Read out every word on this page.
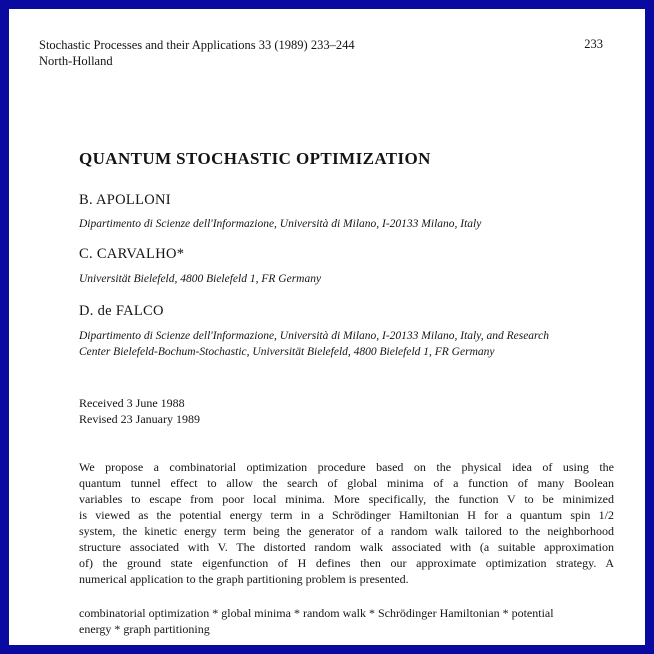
Stochastic Processes and their Applications 33 (1989) 233–244
North-Holland
233
QUANTUM STOCHASTIC OPTIMIZATION
B. APOLLONI
Dipartimento di Scienze dell'Informazione, Università di Milano, I-20133 Milano, Italy
C. CARVALHO*
Universität Bielefeld, 4800 Bielefeld 1, FR Germany
D. de FALCO
Dipartimento di Scienze dell'Informazione, Università di Milano, I-20133 Milano, Italy, and Research
Center Bielefeld-Bochum-Stochastic, Universität Bielefeld, 4800 Bielefeld 1, FR Germany
Received 3 June 1988
Revised 23 January 1989
We propose a combinatorial optimization procedure based on the physical idea of using the
quantum tunnel effect to allow the search of global minima of a function of many Boolean
variables to escape from poor local minima. More specifically, the function V to be minimized
is viewed as the potential energy term in a Schrödinger Hamiltonian H for a quantum spin 1/2
system, the kinetic energy term being the generator of a random walk tailored to the neighborhood
structure associated with V. The distorted random walk associated with (a suitable approximation
of) the ground state eigenfunction of H defines then our approximate optimization strategy. A
numerical application to the graph partitioning problem is presented.
combinatorial optimization * global minima * random walk * Schrödinger Hamiltonian * potential
energy * graph partitioning
